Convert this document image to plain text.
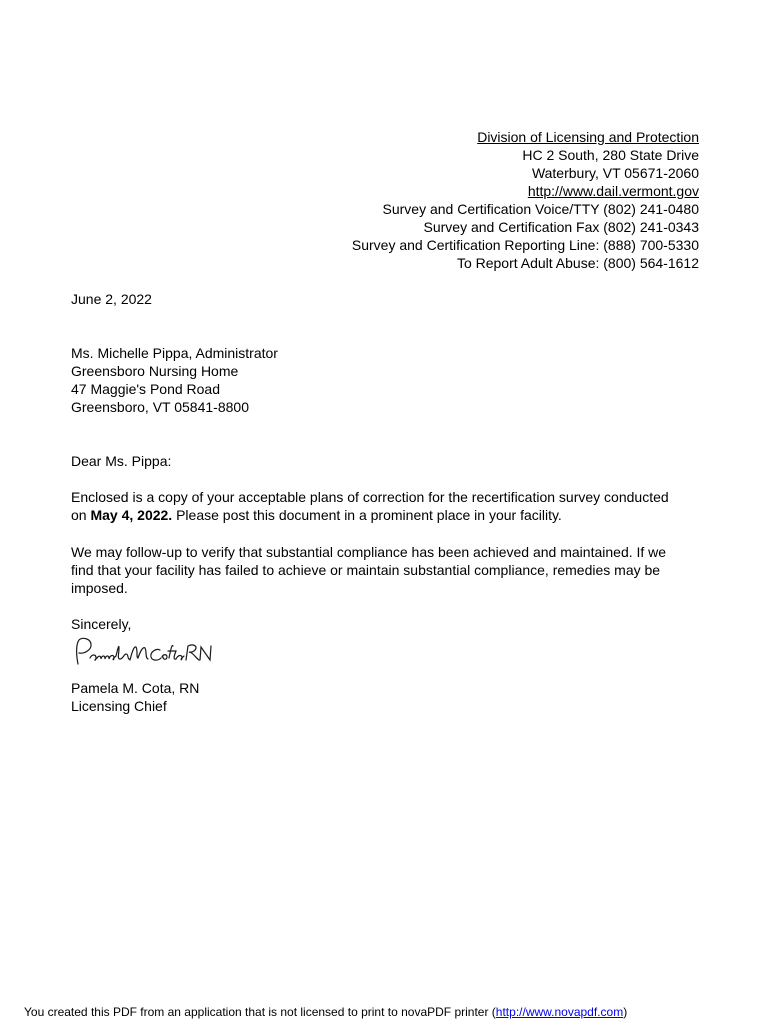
Division of Licensing and Protection
HC 2 South, 280 State Drive
Waterbury, VT 05671-2060
http://www.dail.vermont.gov
Survey and Certification Voice/TTY (802) 241-0480
Survey and Certification Fax (802) 241-0343
Survey and Certification Reporting Line: (888) 700-5330
To Report Adult Abuse: (800) 564-1612
June 2, 2022
Ms. Michelle Pippa, Administrator
Greensboro Nursing Home
47 Maggie's Pond Road
Greensboro, VT 05841-8800
Dear Ms. Pippa:
Enclosed is a copy of your acceptable plans of correction for the recertification survey conducted
on May 4, 2022. Please post this document in a prominent place in your facility.
We may follow-up to verify that substantial compliance has been achieved and maintained. If we
find that your facility has failed to achieve or maintain substantial compliance, remedies may be
imposed.
Sincerely,
Pamela M. Cota, RN
Licensing Chief
You created this PDF from an application that is not licensed to print to novaPDF printer (http://www.novapdf.com)
